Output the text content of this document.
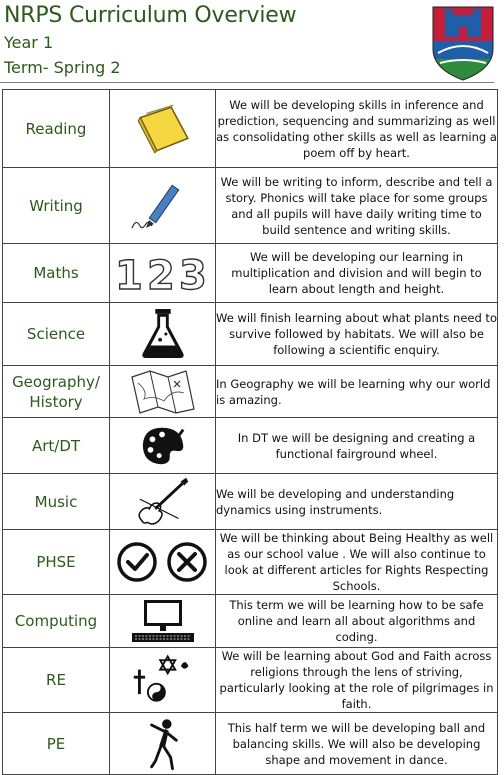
NRPS Curriculum Overview
Year 1
Term- Spring 2
Reading		We will be developing skills in inference and prediction, sequencing and summarizing as well as consolidating other skills as well as learning a poem off by heart.
Writing		We will be writing to inform, describe and tell a story. Phonics will take place for some groups and all pupils will have daily writing time to build sentence and writing skills.
Maths	1 2 3	We will be developing our learning in multiplication and division and will begin to learn about length and height.
Science		We will finish learning about what plants need to survive followed by habitats. We will also be following a scientific enquiry.
Geography/ History		In Geography we will be learning why our world is amazing.
Art/DT		In DT we will be designing and creating a functional fairground wheel.
Music		We will be developing and understanding dynamics using instruments.
PHSE		We will be thinking about Being Healthy as well as our school value . We will also continue to look at different articles for Rights Respecting Schools.
Computing		This term we will be learning how to be safe online and learn all about algorithms and coding.
RE		We will be learning about God and Faith across religions through the lens of striving, particularly looking at the role of pilgrimages in faith.
PE		This half term we will be developing ball and balancing skills. We will also be developing shape and movement in dance.
